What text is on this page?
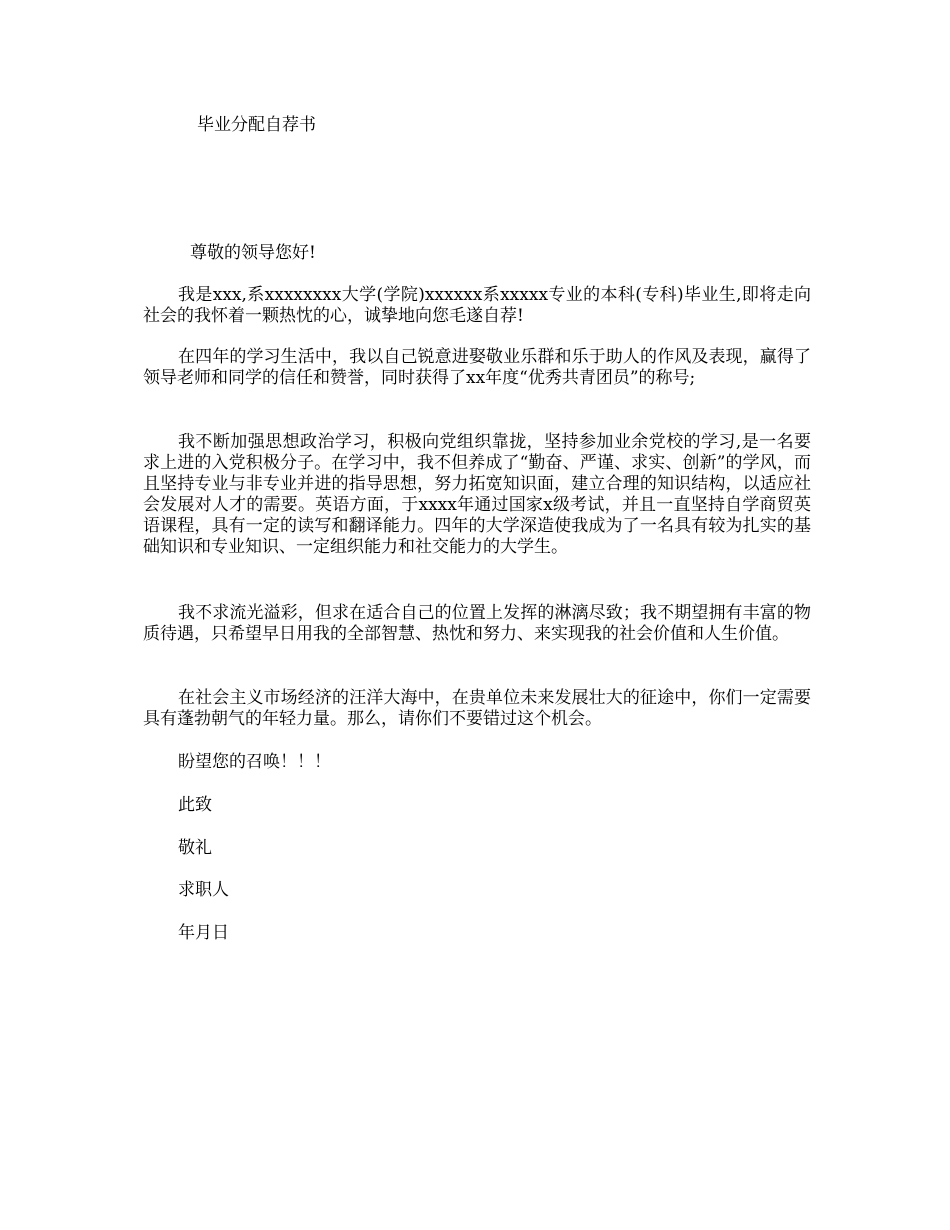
毕业分配自荐书
尊敬的领导您好!

我是xxx,系xxxxxxxx大学(学院)xxxxxx系xxxxx专业的本科(专科)毕业生,即将走向社会的我怀着一颗热忱的心，诚挚地向您毛遂自荐!

在四年的学习生活中，我以自己锐意进娶敬业乐群和乐于助人的作风及表现，赢得了领导老师和同学的信任和赞誉，同时获得了xx年度“优秀共青团员”的称号;

我不断加强思想政治学习，积极向党组织靠拢，坚持参加业余党校的学习,是一名要求上进的入党积极分子。在学习中，我不但养成了“勤奋、严谨、求实、创新”的学风，而且坚持专业与非专业并进的指导思想，努力拓宽知识面，建立合理的知识结构，以适应社会发展对人才的需要。英语方面，于xxxx年通过国家x级考试，并且一直坚持自学商贸英语课程，具有一定的读写和翻译能力。四年的大学深造使我成为了一名具有较为扎实的基础知识和专业知识、一定组织能力和社交能力的大学生。

我不求流光溢彩，但求在适合自己的位置上发挥的淋漓尽致；我不期望拥有丰富的物质待遇，只希望早日用我的全部智慧、热忱和努力、来实现我的社会价值和人生价值。

在社会主义市场经济的汪洋大海中，在贵单位未来发展壮大的征途中，你们一定需要具有蓬勃朝气的年轻力量。那么，请你们不要错过这个机会。

盼望您的召唤！！！
此致
敬礼
求职人
年月日
